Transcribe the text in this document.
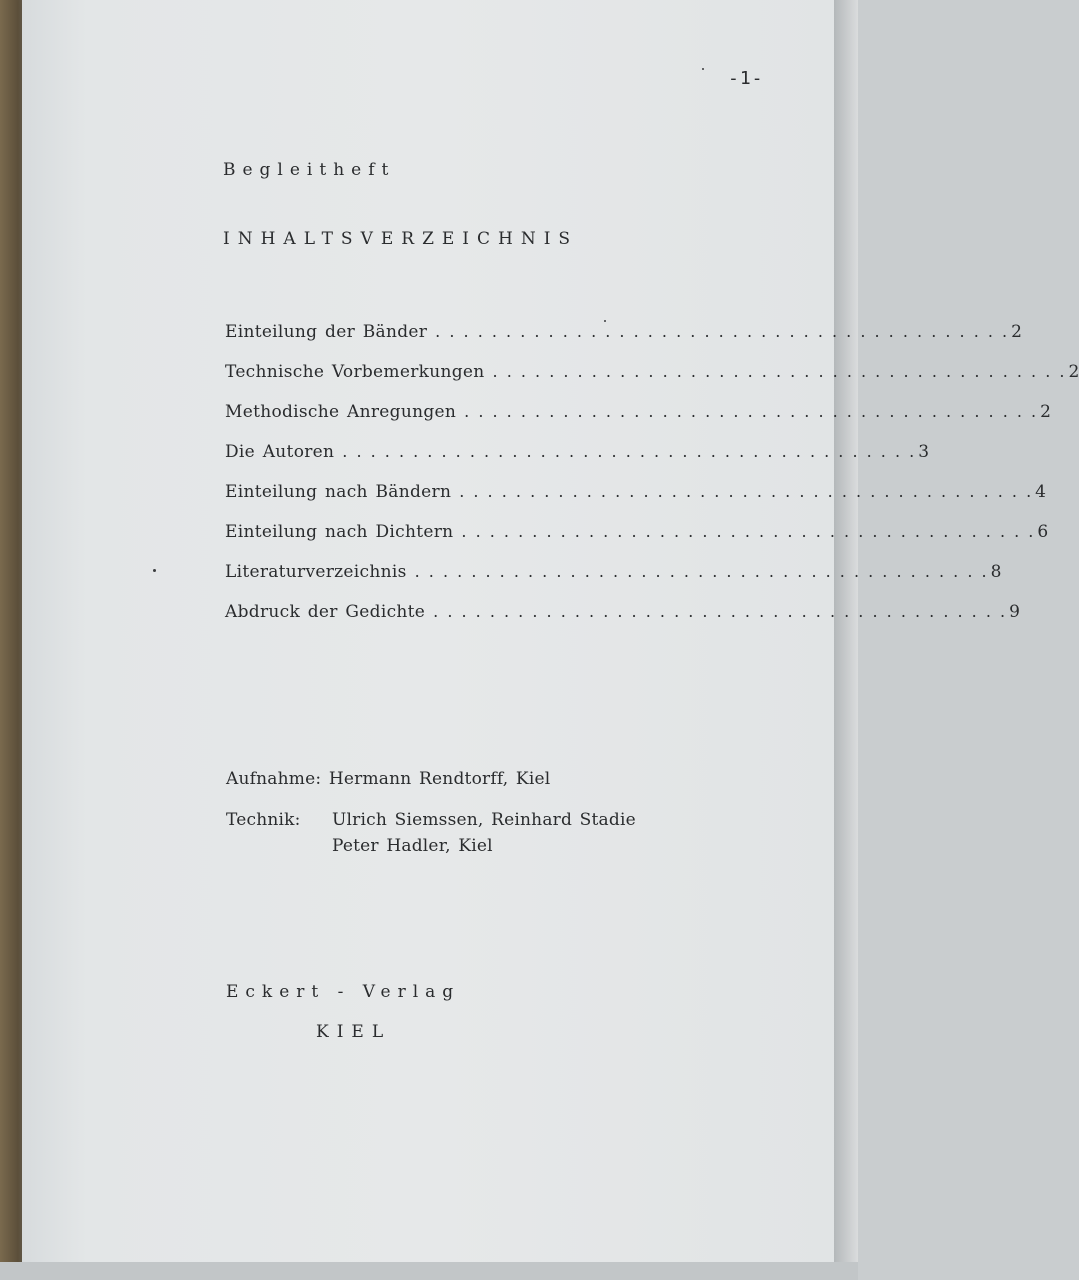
-1-
Begleitheft
INHALTSVERZEICHNIS
Einteilung der Bänder . . . . . . . . . . . . . . . . . . . . . . . . . . . . . . . . . . . . . . . . . 2
Technische Vorbemerkungen . . . . . . . . . . . . . . . . . . . . . . . . . . . . . . . . . . . . . . . . . 2
Methodische Anregungen . . . . . . . . . . . . . . . . . . . . . . . . . . . . . . . . . . . . . . . . . 2
Die Autoren . . . . . . . . . . . . . . . . . . . . . . . . . . . . . . . . . . . . . . . . . 3
Einteilung nach Bändern . . . . . . . . . . . . . . . . . . . . . . . . . . . . . . . . . . . . . . . . . 4
Einteilung nach Dichtern . . . . . . . . . . . . . . . . . . . . . . . . . . . . . . . . . . . . . . . . . 6
Literaturverzeichnis . . . . . . . . . . . . . . . . . . . . . . . . . . . . . . . . . . . . . . . . . 8
Abdruck der Gedichte . . . . . . . . . . . . . . . . . . . . . . . . . . . . . . . . . . . . . . . . . 9
Aufnahme: Hermann Rendtorff, Kiel
Technik: Ulrich Siemssen, Reinhard Stadie
Peter Hadler, Kiel
Eckert - Verlag
KIEL
